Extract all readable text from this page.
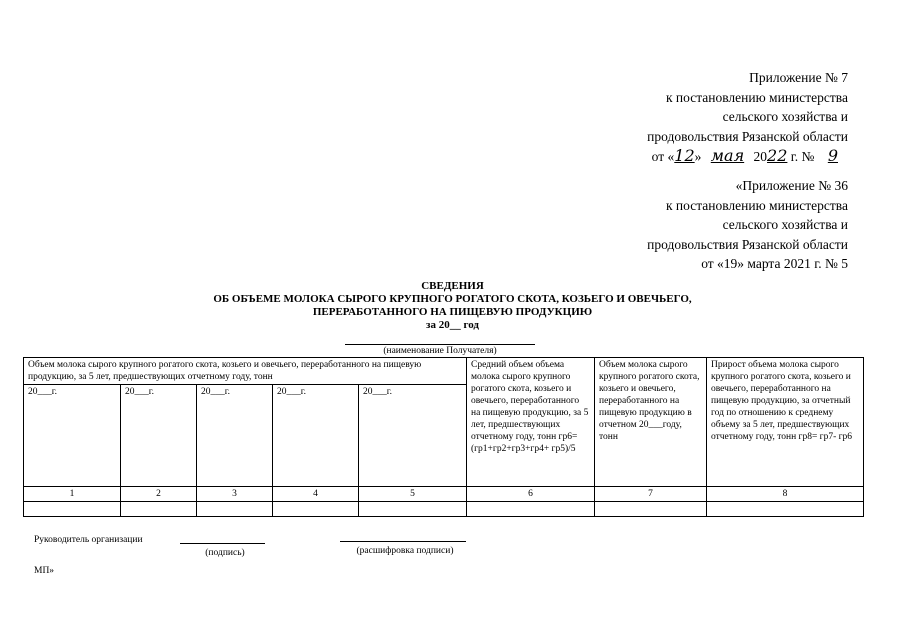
Приложение № 7
к постановлению министерства
сельского хозяйства и
продовольствия Рязанской области
от «12» мая 2022 г. № 9
«Приложение № 36
к постановлению министерства
сельского хозяйства и
продовольствия Рязанской области
от «19» марта 2021 г. № 5
СВЕДЕНИЯ
ОБ ОБЪЕМЕ МОЛОКА СЫРОГО КРУПНОГО РОГАТОГО СКОТА, КОЗЬЕГО И ОВЕЧЬЕГО,
ПЕРЕРАБОТАННОГО НА ПИЩЕВУЮ ПРОДУКЦИЮ
за 20__ год
(наименование Получателя)
Объем молока сырого крупного рогатого скота, козьего и овечьего, переработанного на пищевую продукцию, за 5 лет, предшествующих отчетному году, тонн					Средний объем объема молока сырого крупного рогатого скота, козьего и овечьего, переработанного на пищевую продукцию, за 5 лет, предшествующих отчетному году, тонн гр6=(гр1+гр2+гр3+гр4+ гр5)/5	Объем молока сырого крупного рогатого скота, козьего и овечьего, переработанного на пищевую продукцию в отчетном 20___году, тонн	Прирост объема молока сырого крупного рогатого скота, козьего и овечьего, переработанного на пищевую продукцию, за отчетный год по отношению к среднему объему за 5 лет, предшествующих отчетному году, тонн гр8= гр7- гр6
20___г.	20___г.	20___г.	20___г.	20___г.			
1	2	3	4	5	6	7	8

Руководитель организации
(подпись)	(расшифровка подписи)
МП»
